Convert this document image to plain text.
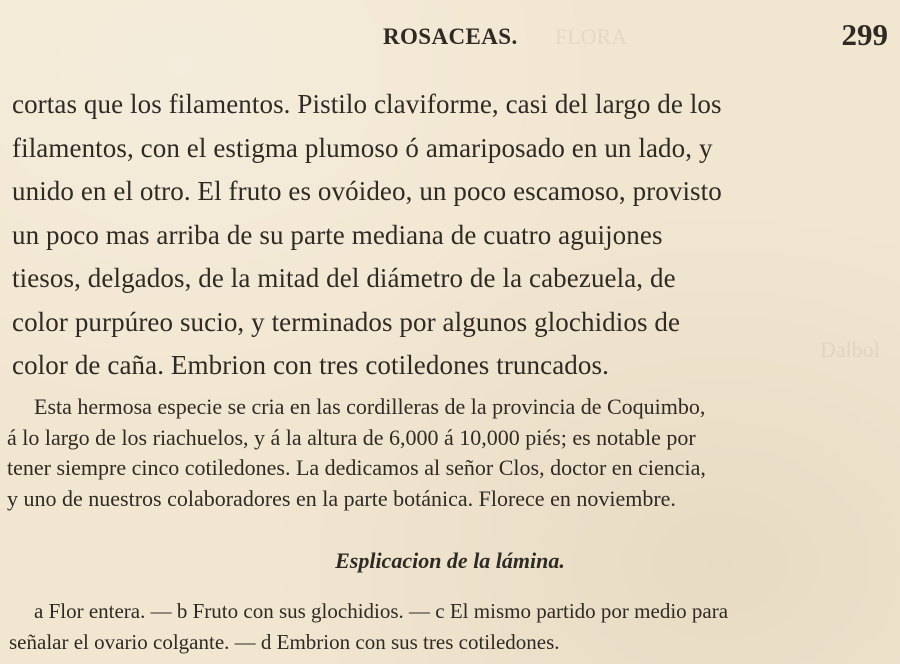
FLORA
Dalbol
ROSACEAS.	299
cortas que los filamentos. Pistilo claviforme, casi del largo de los
filamentos, con el estigma plumoso ó amariposado en un lado, y
unido en el otro. El fruto es ovóideo, un poco escamoso, provisto
un poco mas arriba de su parte mediana de cuatro aguijones
tiesos, delgados, de la mitad del diámetro de la cabezuela, de
color purpúreo sucio, y terminados por algunos glochidios de
color de caña. Embrion con tres cotiledones truncados.
Esta hermosa especie se cria en las cordilleras de la provincia de Coquimbo,
á lo largo de los riachuelos, y á la altura de 6,000 á 10,000 piés; es notable por
tener siempre cinco cotiledones. La dedicamos al señor Clos, doctor en ciencia,
y uno de nuestros colaboradores en la parte botánica. Florece en noviembre.
Esplicacion de la lámina.
a Flor entera. — b Fruto con sus glochidios. — c El mismo partido por medio para
señalar el ovario colgante. — d Embrion con sus tres cotiledones.
